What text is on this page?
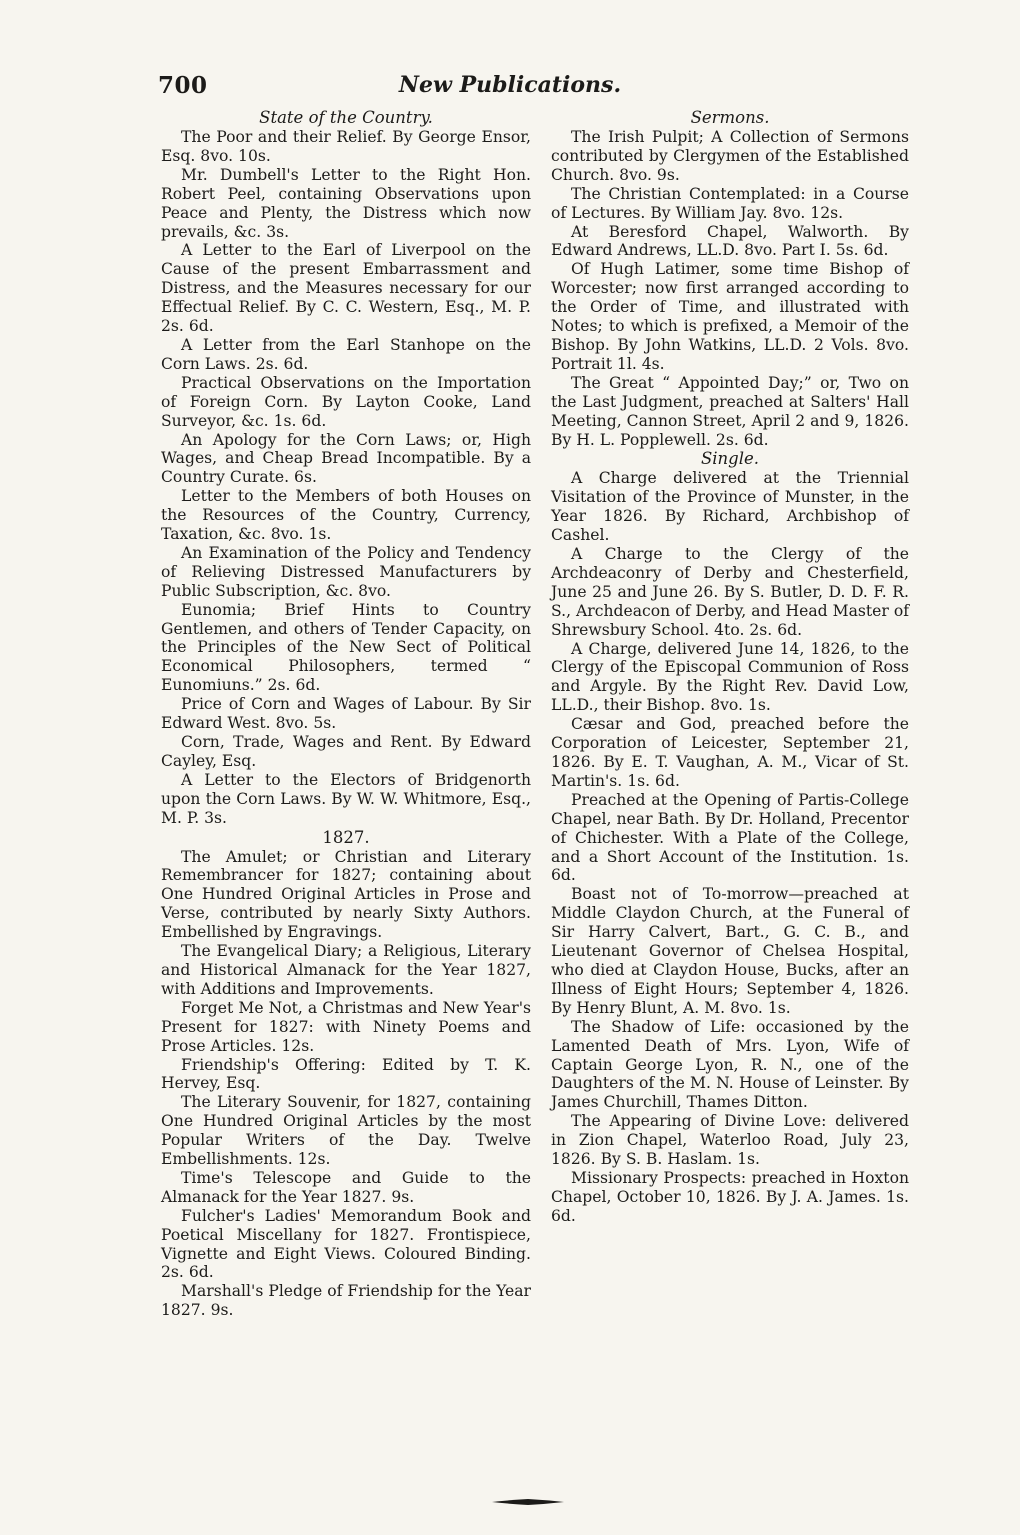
700	New Publications.

State of the Country.

The Poor and their Relief. By George Ensor, Esq. 8vo. 10s.

Mr. Dumbell's Letter to the Right Hon. Robert Peel, containing Observations upon Peace and Plenty, the Distress which now prevails, &c. 3s.

A Letter to the Earl of Liverpool on the Cause of the present Embarrassment and Distress, and the Measures necessary for our Effectual Relief. By C. C. Western, Esq., M. P. 2s. 6d.

A Letter from the Earl Stanhope on the Corn Laws. 2s. 6d.

Practical Observations on the Importation of Foreign Corn. By Layton Cooke, Land Surveyor, &c. 1s. 6d.

An Apology for the Corn Laws; or, High Wages, and Cheap Bread Incompatible. By a Country Curate. 6s.

Letter to the Members of both Houses on the Resources of the Country, Currency, Taxation, &c. 8vo. 1s.

An Examination of the Policy and Tendency of Relieving Distressed Manufacturers by Public Subscription, &c. 8vo.

Eunomia; Brief Hints to Country Gentlemen, and others of Tender Capacity, on the Principles of the New Sect of Political Economical Philosophers, termed “ Eunomiuns.” 2s. 6d.

Price of Corn and Wages of Labour. By Sir Edward West. 8vo. 5s.

Corn, Trade, Wages and Rent. By Edward Cayley, Esq.

A Letter to the Electors of Bridgenorth upon the Corn Laws. By W. W. Whitmore, Esq., M. P. 3s.

1827.

The Amulet; or Christian and Literary Remembrancer for 1827; containing about One Hundred Original Articles in Prose and Verse, contributed by nearly Sixty Authors. Embellished by Engravings.

The Evangelical Diary; a Religious, Literary and Historical Almanack for the Year 1827, with Additions and Improvements.

Forget Me Not, a Christmas and New Year's Present for 1827: with Ninety Poems and Prose Articles. 12s.

Friendship's Offering: Edited by T. K. Hervey, Esq.

The Literary Souvenir, for 1827, containing One Hundred Original Articles by the most Popular Writers of the Day. Twelve Embellishments. 12s.

Time's Telescope and Guide to the Almanack for the Year 1827. 9s.

Fulcher's Ladies' Memorandum Book and Poetical Miscellany for 1827. Frontispiece, Vignette and Eight Views. Coloured Binding. 2s. 6d.

Marshall's Pledge of Friendship for the Year 1827. 9s.

Sermons.

The Irish Pulpit; A Collection of Sermons contributed by Clergymen of the Established Church. 8vo. 9s.

The Christian Contemplated: in a Course of Lectures. By William Jay. 8vo. 12s.

At Beresford Chapel, Walworth. By Edward Andrews, LL.D. 8vo. Part I. 5s. 6d.

Of Hugh Latimer, some time Bishop of Worcester; now first arranged according to the Order of Time, and illustrated with Notes; to which is prefixed, a Memoir of the Bishop. By John Watkins, LL.D. 2 Vols. 8vo. Portrait 1l. 4s.

The Great “ Appointed Day;” or, Two on the Last Judgment, preached at Salters' Hall Meeting, Cannon Street, April 2 and 9, 1826. By H. L. Popplewell. 2s. 6d.

Single.

A Charge delivered at the Triennial Visitation of the Province of Munster, in the Year 1826. By Richard, Archbishop of Cashel.

A Charge to the Clergy of the Archdeaconry of Derby and Chesterfield, June 25 and June 26. By S. Butler, D. D. F. R. S., Archdeacon of Derby, and Head Master of Shrewsbury School. 4to. 2s. 6d.

A Charge, delivered June 14, 1826, to the Clergy of the Episcopal Communion of Ross and Argyle. By the Right Rev. David Low, LL.D., their Bishop. 8vo. 1s.

Cæsar and God, preached before the Corporation of Leicester, September 21, 1826. By E. T. Vaughan, A. M., Vicar of St. Martin's. 1s. 6d.

Preached at the Opening of Partis-College Chapel, near Bath. By Dr. Holland, Precentor of Chichester. With a Plate of the College, and a Short Account of the Institution. 1s. 6d.

Boast not of To-morrow—preached at Middle Claydon Church, at the Funeral of Sir Harry Calvert, Bart., G. C. B., and Lieutenant Governor of Chelsea Hospital, who died at Claydon House, Bucks, after an Illness of Eight Hours; September 4, 1826. By Henry Blunt, A. M. 8vo. 1s.

The Shadow of Life: occasioned by the Lamented Death of Mrs. Lyon, Wife of Captain George Lyon, R. N., one of the Daughters of the M. N. House of Leinster. By James Churchill, Thames Ditton.

The Appearing of Divine Love: delivered in Zion Chapel, Waterloo Road, July 23, 1826. By S. B. Haslam. 1s.

Missionary Prospects: preached in Hoxton Chapel, October 10, 1826. By J. A. James. 1s. 6d.
